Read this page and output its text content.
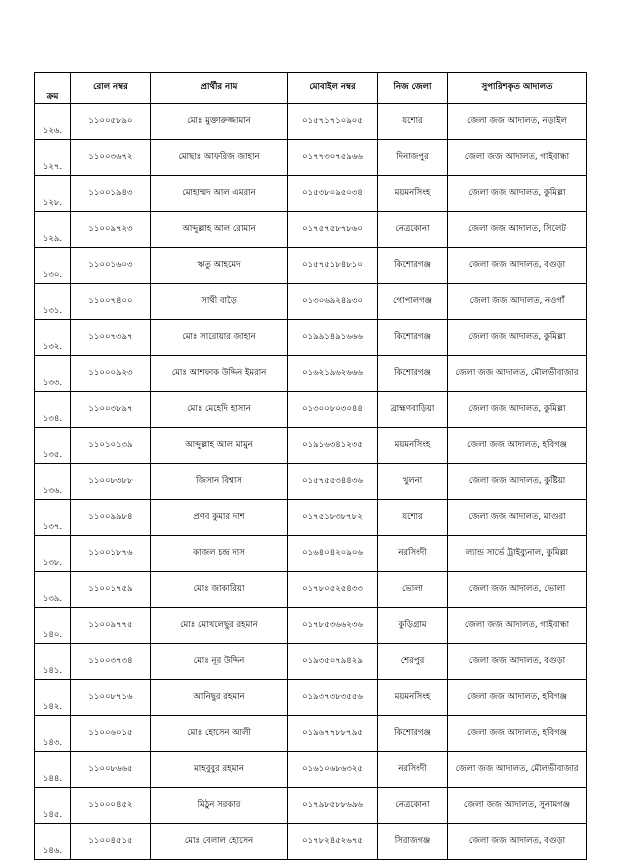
ক্রম	রোল নম্বর	প্রার্থীর নাম	মোবাইল নম্বর	নিজ জেলা	সুপারিশকৃত আদালত
১২৬.	১১০০৫৮৯০	মোঃ মুক্তারুজ্জামান	০১৫৭১৭১০৯০৫	যশোর	জেলা জজ আদালত, নড়াইল
১২৭.	১১০০৩৬৭২	মোছাঃ আফরিজ জাহান	০১৭৭৩০৭৫৯৬৬	দিনাজপুর	জেলা জজ আদালত, গাইবান্ধা
১২৮.	১১০০১৯৪৩	মোহাম্মদ আল এমরান	০১৫৩৮০৯৫০৩৪	ময়মনসিংহ	জেলা জজ আদালত, কুমিল্লা
১২৯.	১১০০৯৭২৩	আব্দুল্লাহ আল রোমান	০১৭৫৭৫৮৭৮৬০	নেত্রকোনা	জেলা জজ আদালত, সিলেট
১৩০.	১১০০১৬০৩	ঋতু আহমেদ	০১৫৭৫১৮৪৮১০	কিশোরগঞ্জ	জেলা জজ আদালত, বগুড়া
১৩১.	১১০০৭৪০০	সাথী বাড়ৈ	০১৩০৬৯২৪৯৩০	গোপালগঞ্জ	জেলা জজ আদালত, নওগাঁ
১৩২.	১১০০৭৩৯৭	মোঃ সারোয়ার জাহান	০১৯৯১৪৯১৬৬৬	কিশোরগঞ্জ	জেলা জজ আদালত, কুমিল্লা
১৩৩.	১১০০০৯২৩	মোঃ আশফাক উদ্দিন ইমরান	০১৬২১৯৬২৬৬৬	কিশোরগঞ্জ	জেলা জজ আদালত, মৌলভীবাজার
১৩৪.	১১০০৩৮৯৭	মোঃ মেহেদি হাসান	০১৩০০৮০৩০৪৪	ব্রাহ্মণবাড়িয়া	জেলা জজ আদালত, কুমিল্লা
১৩৫.	১১০১০১৩৯	আব্দুল্লাহ আল মামুন	০১৯১৬৩৪১২৩৫	ময়মনসিংহ	জেলা জজ আদালত, হবিগঞ্জ
১৩৬.	১১০০৮৩৮৮	জিসান বিশ্বাস	০১৫৭৫৫৩৪৪৩৬	খুলনা	জেলা জজ আদালত, কুষ্টিয়া
১৩৭.	১১০০৯৯৮৪	প্রণব কুমার দাশ	০১৭৫১৮৩৮৭৮২	যশোর	জেলা জজ আদালত, মাগুরা
১৩৮.	১১০০১৮৭৬	কাজল চন্দ্র দাস	০১৬৪০৪২০৯০৬	নরসিংদী	ল্যান্ড সার্ভে ট্রাইব্যুনাল, কুমিল্লা
১৩৯.	১১০০১৭৫৯	মোঃ জাকারিয়া	০১৭৮০৫২৫৪৩৩	ভোলা	জেলা জজ আদালত, ভোলা
১৪০.	১১০০৯৭৭৫	মোঃ মোখলেছুর রহমান	০১৭৮৫৩৬৬২৩৬	কুড়িগ্রাম	জেলা জজ আদালত, গাইবান্ধা
১৪১.	১১০০৩৭৩৪	মোঃ নূর উদ্দিন	০১৯৩৫০৭৯৪২৯	শেরপুর	জেলা জজ আদালত, বগুড়া
১৪২.	১১০০৮৭১৬	আনিছুর রহমান	০১৯৩৭৩৮৩৫৫৬	ময়মনসিংহ	জেলা জজ আদালত, হবিগঞ্জ
১৪৩.	১১০০৬০১৫	মোঃ হোসেন আলী	০১৯৬৭৭৮৮৭৯৫	কিশোরগঞ্জ	জেলা জজ আদালত, হবিগঞ্জ
১৪৪.	১১০০৮৬৬৫	মাহবুবুর রহমান	০১৬১০৬৮৬৩২৫	নরসিংদী	জেলা জজ আদালত, মৌলভীবাজার
১৪৫.	১১০০০৪৫২	মিঠুন সরকার	০১৭৯৮৫৮৮৬৯৬	নেত্রকোনা	জেলা জজ আদালত, সুনামগঞ্জ
১৪৬.	১১০০৪৫১৫	মোঃ বেলাল হোসেন	০১৭৮২৪৫২৬৭৫	সিরাজগঞ্জ	জেলা জজ আদালত, বগুড়া
